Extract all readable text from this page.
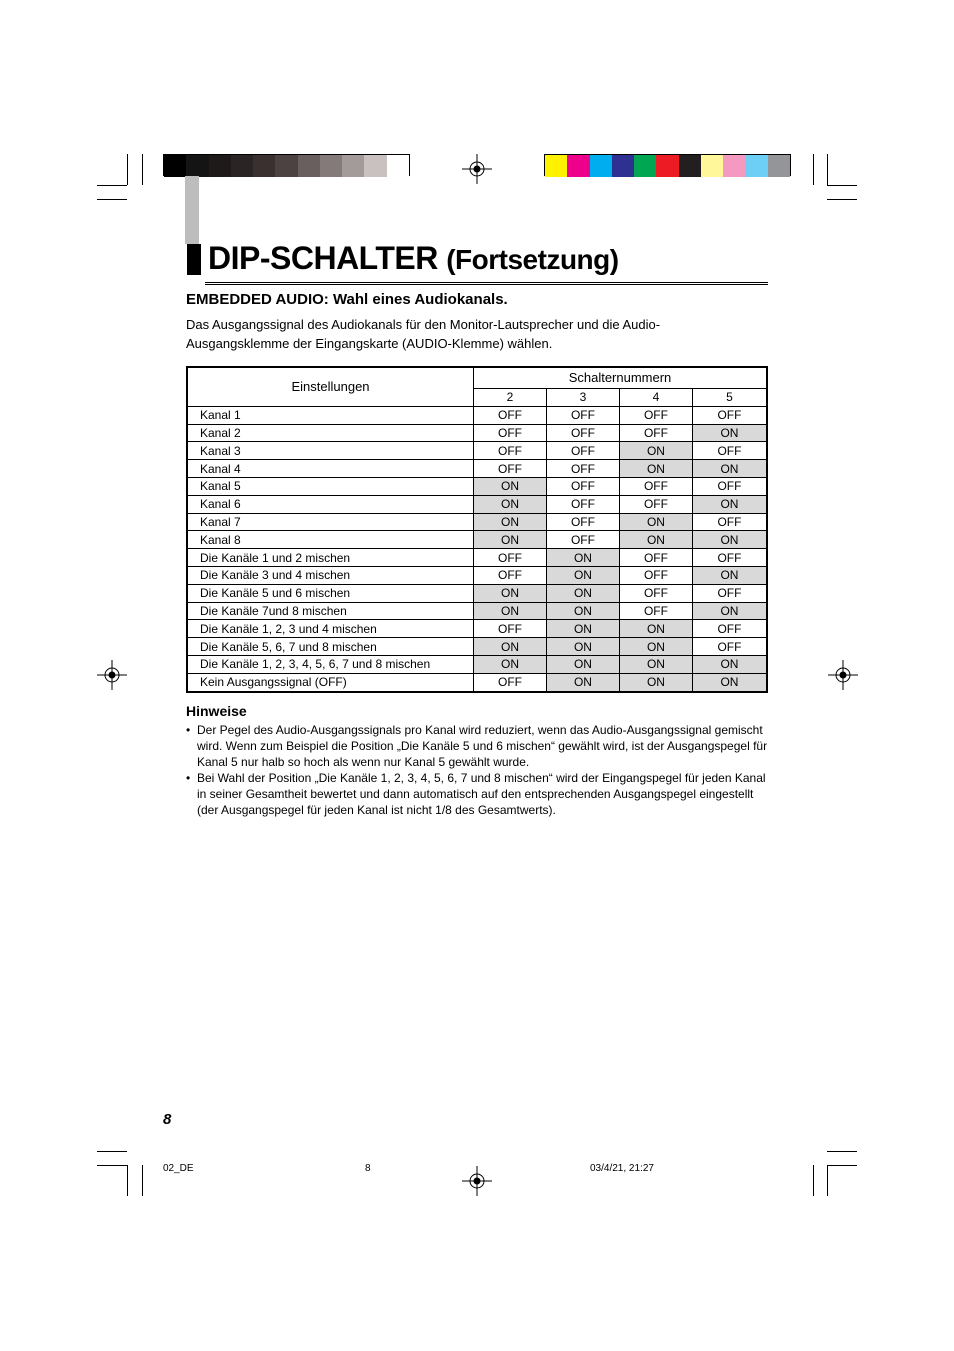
DIP-SCHALTER (Fortsetzung)
EMBEDDED AUDIO: Wahl eines Audiokanals.
Das Ausgangssignal des Audiokanals für den Monitor-Lautsprecher und die Audio-
Ausgangsklemme der Eingangskarte (AUDIO-Klemme) wählen.
Einstellungen	Schalternummern			
	2	3	4	5
Kanal 1	OFF	OFF	OFF	OFF
Kanal 2	OFF	OFF	OFF	ON
Kanal 3	OFF	OFF	ON	OFF
Kanal 4	OFF	OFF	ON	ON
Kanal 5	ON	OFF	OFF	OFF
Kanal 6	ON	OFF	OFF	ON
Kanal 7	ON	OFF	ON	OFF
Kanal 8	ON	OFF	ON	ON
Die Kanäle 1 und 2 mischen	OFF	ON	OFF	OFF
Die Kanäle 3 und 4 mischen	OFF	ON	OFF	ON
Die Kanäle 5 und 6 mischen	ON	ON	OFF	OFF
Die Kanäle 7und 8 mischen	ON	ON	OFF	ON
Die Kanäle 1, 2, 3 und 4 mischen	OFF	ON	ON	OFF
Die Kanäle 5, 6, 7 und 8 mischen	ON	ON	ON	OFF
Die Kanäle 1, 2, 3, 4, 5, 6, 7 und 8 mischen	ON	ON	ON	ON
Kein Ausgangssignal (OFF)	OFF	ON	ON	ON
Hinweise
• Der Pegel des Audio-Ausgangssignals pro Kanal wird reduziert, wenn das Audio-Ausgangssignal gemischt wird. Wenn zum Beispiel die Position „Die Kanäle 5 und 6 mischen“ gewählt wird, ist der Ausgangspegel für Kanal 5 nur halb so hoch als wenn nur Kanal 5 gewählt wurde.
• Bei Wahl der Position „Die Kanäle 1, 2, 3, 4, 5, 6, 7 und 8 mischen“ wird der Eingangspegel für jeden Kanal in seiner Gesamtheit bewertet und dann automatisch auf den entsprechenden Ausgangspegel eingestellt (der Ausgangspegel für jeden Kanal ist nicht 1/8 des Gesamtwerts).
8
02_DE	8	03/4/21, 21:27
